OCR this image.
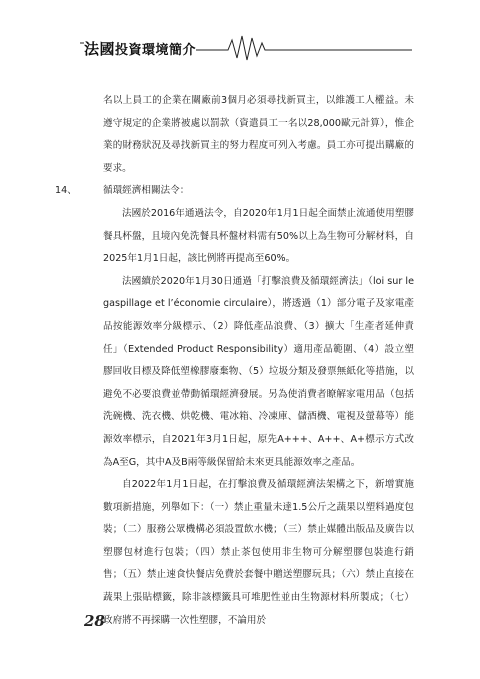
法國投資環境簡介

名以上員工的企業在關廠前3個月必須尋找新買主，以維護工人權益。未遵守規定的企業將被處以罰款（資遣員工一名以28,000歐元計算），惟企業的財務狀況及尋找新買主的努力程度可列入考慮。員工亦可提出購廠的要求。

14、	循環經濟相關法令：

法國於2016年通過法令，自2020年1月1日起全面禁止流通使用塑膠餐具杯盤，且境內免洗餐具杯盤材料需有50%以上為生物可分解材料，自2025年1月1日起，該比例將再提高至60%。

法國續於2020年1月30日通過「打擊浪費及循環經濟法」（loi sur le gaspillage et l’économie circulaire），將透過（1）部分電子及家電產品按能源效率分級標示、（2）降低產品浪費、（3）擴大「生產者延伸責任」（Extended Product Responsibility）適用產品範圍、（4）設立塑膠回收目標及降低塑橡膠廢棄物、（5）垃圾分類及發票無紙化等措施，以避免不必要浪費並帶動循環經濟發展。另為使消費者瞭解家電用品（包括洗碗機、洗衣機、烘乾機、電冰箱、冷凍庫、儲酒機、電視及螢幕等）能源效率標示，自2021年3月1日起，原先A+++、A++、A+標示方式改為A至G，其中A及B兩等級保留給未來更具能源效率之產品。

自2022年1月1日起，在打擊浪費及循環經濟法架構之下，新增實施數項新措施，列舉如下：（一）禁止重量未達1.5公斤之蔬果以塑料過度包裝；（二）服務公眾機構必須設置飲水機；（三）禁止媒體出版品及廣告以塑膠包材進行包裝；（四）禁止茶包使用非生物可分解塑膠包裝進行銷售；（五）禁止速食快餐店免費於套餐中贈送塑膠玩具；（六）禁止直接在蔬果上張貼標籤，除非該標籤具可堆肥性並由生物源材料所製成；（七）政府將不再採購一次性塑膠，不論用於

28
